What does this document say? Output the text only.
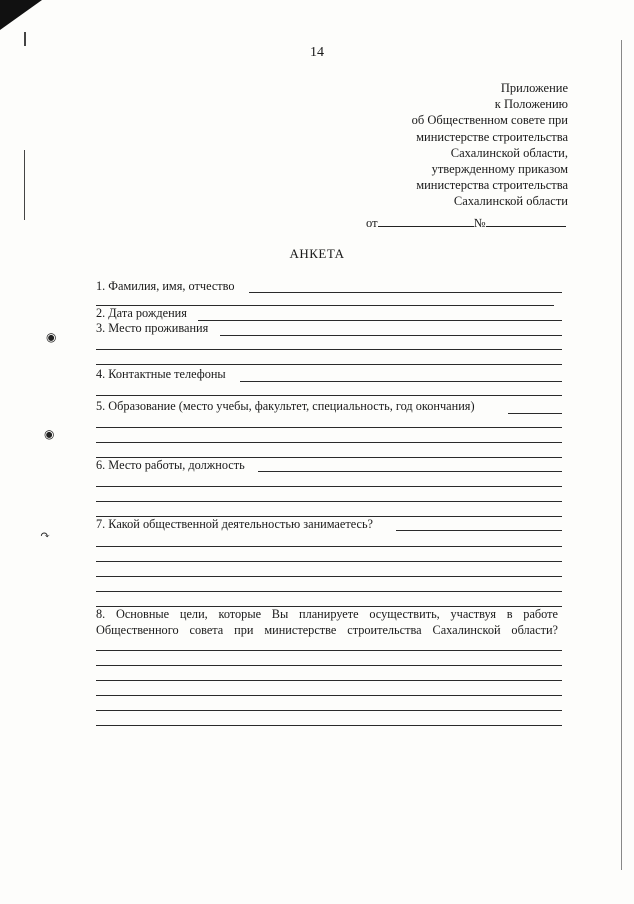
◉
◉
↷
14
Приложение
к Положению
об Общественном совете при
министерстве строительства
Сахалинской области,
утвержденному приказом
министерства строительства
Сахалинской области
от	№
АНКЕТА
1. Фамилия, имя, отчество
2. Дата рождения
3. Место проживания
4. Контактные телефоны
5. Образование (место учебы, факультет, специальность, год окончания)
6. Место работы, должность
7. Какой общественной деятельностью занимаетесь?
8. Основные цели, которые Вы планируете осуществить, участвуя в работе
Общественного совета при министерстве строительства Сахалинской области?
